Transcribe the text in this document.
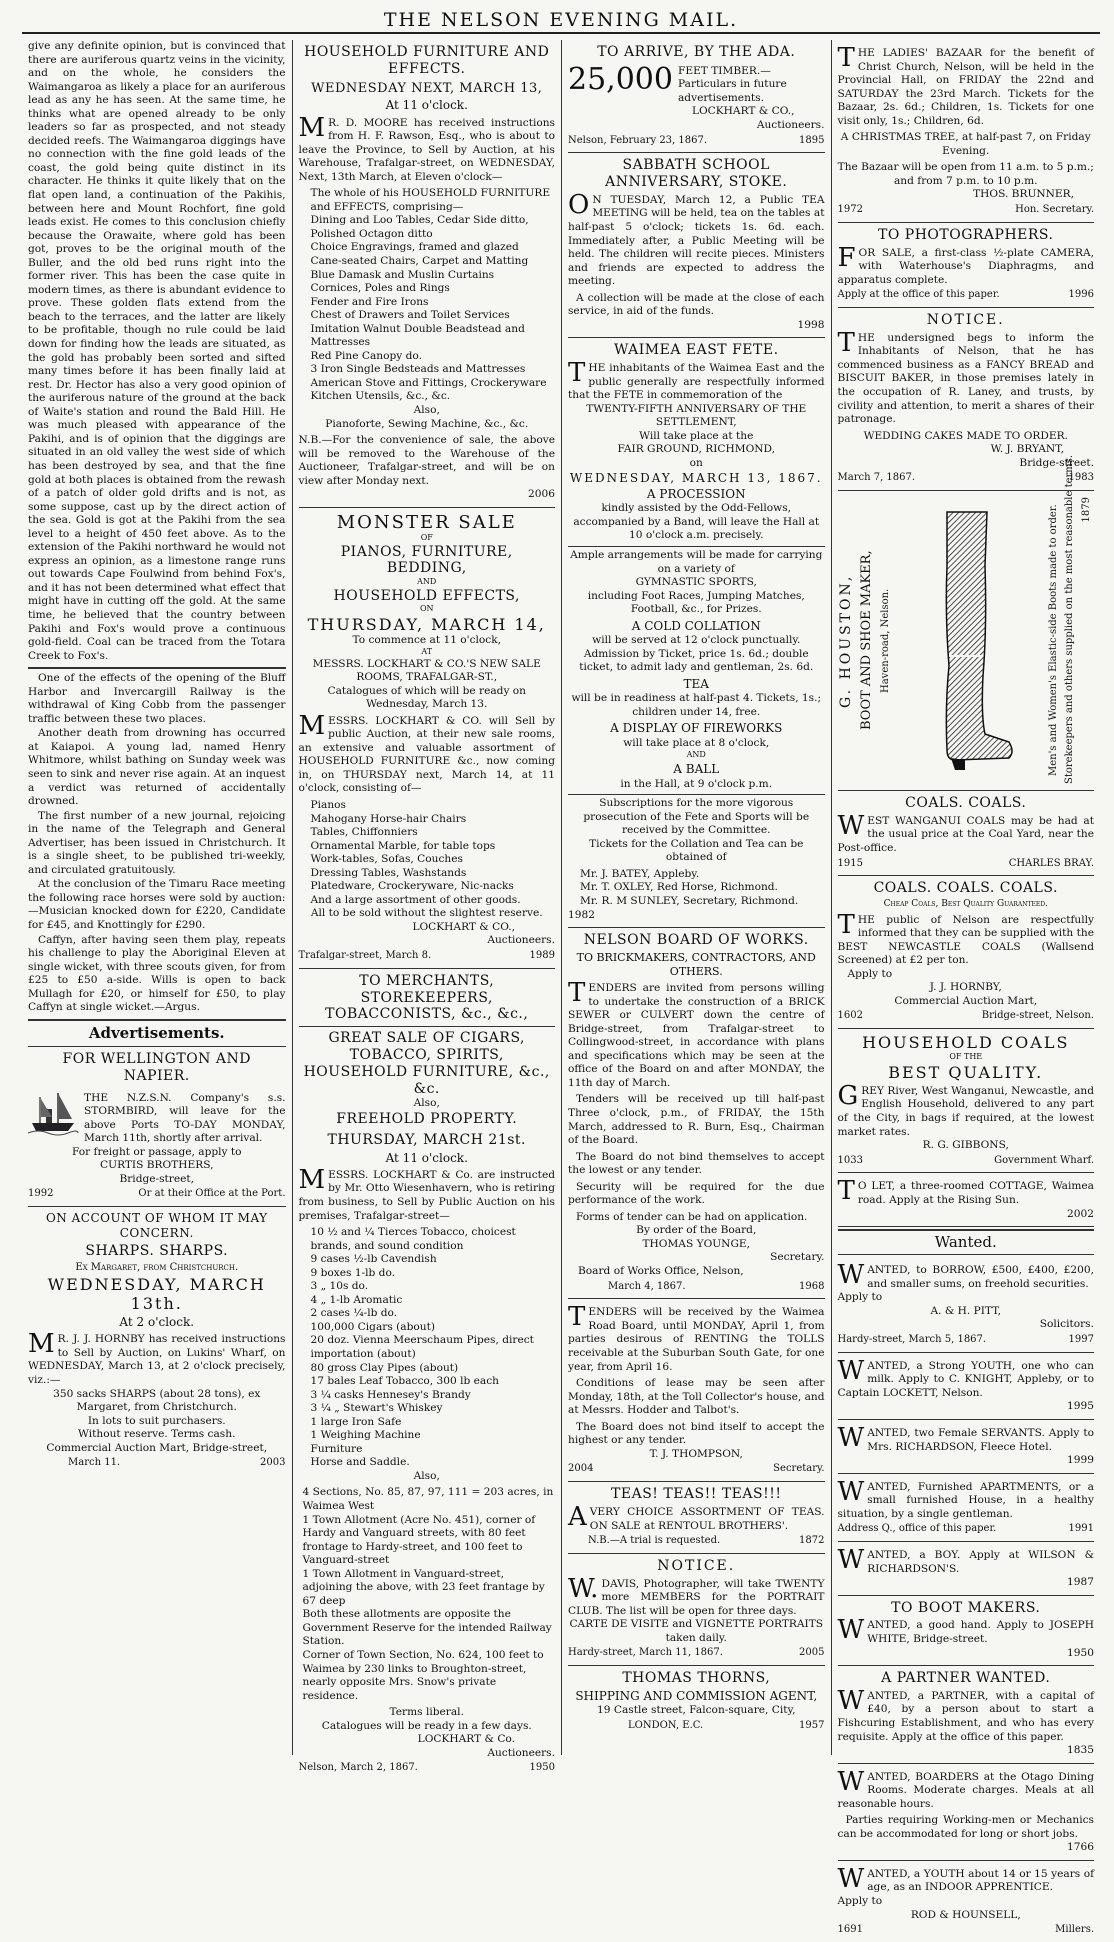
THE NELSON EVENING MAIL.

give any definite opinion, but is convinced that there are auriferous quartz veins in the vicinity, and on the whole, he considers the Waimangaroa as likely a place for an auriferous lead as any he has seen. At the same time, he thinks what are opened already to be only leaders so far as prospected, and not steady decided reefs. The Waimangaroa diggings have no connection with the fine gold leads of the coast, the gold being quite distinct in its character. He thinks it quite likely that on the flat open land, a continuation of the Pakihis, between here and Mount Rochfort, fine gold leads exist. He comes to this conclusion chiefly because the Orawaite, where gold has been got, proves to be the original mouth of the Buller, and the old bed runs right into the former river. This has been the case quite in modern times, as there is abundant evidence to prove. These golden flats extend from the beach to the terraces, and the latter are likely to be profitable, though no rule could be laid down for finding how the leads are situated, as the gold has probably been sorted and sifted many times before it has been finally laid at rest. Dr. Hector has also a very good opinion of the auriferous nature of the ground at the back of Waite's station and round the Bald Hill. He was much pleased with appearance of the Pakihi, and is of opinion that the diggings are situated in an old valley the west side of which has been destroyed by sea, and that the fine gold at both places is obtained from the rewash of a patch of older gold drifts and is not, as some suppose, cast up by the direct action of the sea. Gold is got at the Pakihi from the sea level to a height of 450 feet above. As to the extension of the Pakihi northward he would not express an opinion, as a limestone range runs out towards Cape Foulwind from behind Fox's, and it has not been determined what effect that might have in cutting off the gold. At the same time, he believed that the country between Pakihi and Fox's would prove a continuous gold-field. Coal can be traced from the Totara Creek to Fox's.

One of the effects of the opening of the Bluff Harbor and Invercargill Railway is the withdrawal of King Cobb from the passenger traffic between these two places.

Another death from drowning has occurred at Kaiapoi. A young lad, named Henry Whitmore, whilst bathing on Sunday week was seen to sink and never rise again. At an inquest a verdict was returned of accidentally drowned.

The first number of a new journal, rejoicing in the name of the Telegraph and General Advertiser, has been issued in Christchurch. It is a single sheet, to be published tri-weekly, and circulated gratuitously.

At the conclusion of the Timaru Race meeting the following race horses were sold by auction:—Musician knocked down for £220, Candidate for £45, and Knottingly for £290.

Caffyn, after having seen them play, repeats his challenge to play the Aboriginal Eleven at single wicket, with three scouts given, for from £25 to £50 a-side. Wills is open to back Mullagh for £20, or himself for £50, to play Caffyn at single wicket.—Argus.

Advertisements.
FOR WELLINGTON AND NAPIER.
THE N.Z.S.N. Company's s.s. STORMBIRD, will leave for the above Ports TO-DAY MONDAY, March 11th, shortly after arrival.
For freight or passage, apply to
CURTIS BROTHERS,
Bridge-street,
1992	Or at their Office at the Port.
ON ACCOUNT OF WHOM IT MAY CONCERN.
SHARPS. SHARPS.
Ex Margaret, from Christchurch.
WEDNESDAY, MARCH 13th.
At 2 o'clock.
MR. J. J. HORNBY has received instructions to Sell by Auction, on Lukins' Wharf, on WEDNESDAY, March 13, at 2 o'clock precisely, viz.:—
350 sacks SHARPS (about 28 tons), ex Margaret, from Christchurch.
In lots to suit purchasers.
Without reserve. Terms cash.
Commercial Auction Mart, Bridge-street,
March 11.	2003
HOUSEHOLD FURNITURE AND EFFECTS.
WEDNESDAY NEXT, MARCH 13,
At 11 o'clock.
MR. D. MOORE has received instructions from H. F. Rawson, Esq., who is about to leave the Province, to Sell by Auction, at his Warehouse, Trafalgar-street, on WEDNESDAY, Next, 13th March, at Eleven o'clock—
The whole of his HOUSEHOLD FURNITURE and EFFECTS, comprising—
Dining and Loo Tables, Cedar Side ditto, Polished Octagon ditto
Choice Engravings, framed and glazed
Cane-seated Chairs, Carpet and Matting
Blue Damask and Muslin Curtains
Cornices, Poles and Rings
Fender and Fire Irons
Chest of Drawers and Toilet Services
Imitation Walnut Double Beadstead and Mattresses
Red Pine Canopy do.
3 Iron Single Bedsteads and Mattresses
American Stove and Fittings, Crockeryware
Kitchen Utensils, &c., &c.
Also,
Pianoforte, Sewing Machine, &c., &c.
N.B.—For the convenience of sale, the above will be removed to the Warehouse of the Auctioneer, Trafalgar-street, and will be on view after Monday next.
2006
MONSTER SALE
OF
PIANOS, FURNITURE, BEDDING,
AND
HOUSEHOLD EFFECTS,
ON
THURSDAY, MARCH 14,
To commence at 11 o'clock,
AT
MESSRS. LOCKHART & CO.'S NEW SALE ROOMS, TRAFALGAR-ST.,
Catalogues of which will be ready on Wednesday, March 13.
MESSRS. LOCKHART & CO. will Sell by public Auction, at their new sale rooms, an extensive and valuable assortment of HOUSEHOLD FURNITURE &c., now coming in, on THURSDAY next, March 14, at 11 o'clock, consisting of—
Pianos
Mahogany Horse-hair Chairs
Tables, Chiffonniers
Ornamental Marble, for table tops
Work-tables, Sofas, Couches
Dressing Tables, Washstands
Platedware, Crockeryware, Nic-nacks
And a large assortment of other goods.
All to be sold without the slightest reserve.
LOCKHART & CO.,
Auctioneers.
Trafalgar-street, March 8.	1989
TO MERCHANTS, STOREKEEPERS, TOBACCONISTS, &c., &c.,
GREAT SALE OF CIGARS, TOBACCO, SPIRITS, HOUSEHOLD FURNITURE, &c., &c.
Also,
FREEHOLD PROPERTY.
THURSDAY, MARCH 21st.
At 11 o'clock.
MESSRS. LOCKHART & Co. are instructed by Mr. Otto Wiesenhavern, who is retiring from business, to Sell by Public Auction on his premises, Trafalgar-street—
10 ½ and ¼ Tierces Tobacco, choicest brands, and sound condition
9 cases ½-lb Cavendish
9 boxes 1-lb do.
3 „ 10s do.
4 „ 1-lb Aromatic
2 cases ¼-lb do.
100,000 Cigars (about)
20 doz. Vienna Meerschaum Pipes, direct importation (about)
80 gross Clay Pipes (about)
17 bales Leaf Tobacco, 300 lb each
3 ¼ casks Hennesey's Brandy
3 ¼ „ Stewart's Whiskey
1 large Iron Safe
1 Weighing Machine
Furniture
Horse and Saddle.
Also,
4 Sections, No. 85, 87, 97, 111 = 203 acres, in Waimea West
1 Town Allotment (Acre No. 451), corner of Hardy and Vanguard streets, with 80 feet frontage to Hardy-street, and 100 feet to Vanguard-street
1 Town Allotment in Vanguard-street, adjoining the above, with 23 feet frantage by 67 deep
Both these allotments are opposite the Government Reserve for the intended Railway Station.
Corner of Town Section, No. 624, 100 feet to Waimea by 230 links to Broughton-street, nearly opposite Mrs. Snow's private residence.
Terms liberal.
Catalogues will be ready in a few days.
LOCKHART & Co.
Auctioneers.
Nelson, March 2, 1867.	1950
TO ARRIVE, BY THE ADA.
25,000 FEET TIMBER.—Particulars in future advertisements.
LOCKHART & CO.,
Auctioneers.
Nelson, February 23, 1867.	1895
SABBATH SCHOOL ANNIVERSARY, STOKE.
ON TUESDAY, March 12, a Public TEA MEETING will be held, tea on the tables at half-past 5 o'clock; tickets 1s. 6d. each. Immediately after, a Public Meeting will be held. The children will recite pieces. Ministers and friends are expected to address the meeting.
A collection will be made at the close of each service, in aid of the funds.
1998
WAIMEA EAST FETE.
THE inhabitants of the Waimea East and the public generally are respectfully informed that the FETE in commemoration of the
TWENTY-FIFTH ANNIVERSARY OF THE SETTLEMENT,
Will take place at the
FAIR GROUND, RICHMOND,
on
WEDNESDAY, MARCH 13, 1867.
A PROCESSION
kindly assisted by the Odd-Fellows, accompanied by a Band, will leave the Hall at 10 o'clock a.m. precisely.
Ample arrangements will be made for carrying on a variety of
GYMNASTIC SPORTS,
including Foot Races, Jumping Matches, Football, &c., for Prizes.
A COLD COLLATION
will be served at 12 o'clock punctually. Admission by Ticket, price 1s. 6d.; double ticket, to admit lady and gentleman, 2s. 6d.
TEA
will be in readiness at half-past 4. Tickets, 1s.; children under 14, free.
A DISPLAY OF FIREWORKS
will take place at 8 o'clock,
AND
A BALL
in the Hall, at 9 o'clock p.m.
Subscriptions for the more vigorous prosecution of the Fete and Sports will be received by the Committee.
Tickets for the Collation and Tea can be obtained of
Mr. J. BATEY, Appleby.
Mr. T. OXLEY, Red Horse, Richmond.
Mr. R. M SUNLEY, Secretary, Richmond.
1982
NELSON BOARD OF WORKS.
TO BRICKMAKERS, CONTRACTORS, AND OTHERS.
TENDERS are invited from persons willing to undertake the construction of a BRICK SEWER or CULVERT down the centre of Bridge-street, from Trafalgar-street to Collingwood-street, in accordance with plans and specifications which may be seen at the office of the Board on and after MONDAY, the 11th day of March.
Tenders will be received up till half-past Three o'clock, p.m., of FRIDAY, the 15th March, addressed to R. Burn, Esq., Chairman of the Board.
The Board do not bind themselves to accept the lowest or any tender.
Security will be required for the due performance of the work.
Forms of tender can be had on application.
By order of the Board,
THOMAS YOUNGE,
Secretary.
Board of Works Office, Nelson,
March 4, 1867.	1968
TENDERS will be received by the Waimea Road Board, until MONDAY, April 1, from parties desirous of RENTING the TOLLS receivable at the Suburban South Gate, for one year, from April 16.
Conditions of lease may be seen after Monday, 18th, at the Toll Collector's house, and at Messrs. Hodder and Talbot's.
The Board does not bind itself to accept the highest or any tender.
T. J. THOMPSON,
2004	Secretary.
TEAS! TEAS!! TEAS!!!
AVERY CHOICE ASSORTMENT OF TEAS. ON SALE at RENTOUL BROTHERS'.
N.B.—A trial is requested.	1872
NOTICE.
W.DAVIS, Photographer, will take TWENTY more MEMBERS for the PORTRAIT CLUB. The list will be open for three days.
CARTE DE VISITE and VIGNETTE PORTRAITS taken daily.
Hardy-street, March 11, 1867.	2005
THOMAS THORNS,
SHIPPING AND COMMISSION AGENT,
19 Castle street, Falcon-square, City,
LONDON, E.C.	1957
THE LADIES' BAZAAR for the benefit of Christ Church, Nelson, will be held in the Provincial Hall, on FRIDAY the 22nd and SATURDAY the 23rd March. Tickets for the Bazaar, 2s. 6d.; Children, 1s. Tickets for one visit only, 1s.; Children, 6d.
A CHRISTMAS TREE, at half-past 7, on Friday Evening.
The Bazaar will be open from 11 a.m. to 5 p.m.; and from 7 p.m. to 10 p.m.
THOS. BRUNNER,
1972	Hon. Secretary.
TO PHOTOGRAPHERS.
FOR SALE, a first-class ½-plate CAMERA, with Waterhouse's Diaphragms, and apparatus complete.
Apply at the office of this paper.	1996
NOTICE.
THE undersigned begs to inform the Inhabitants of Nelson, that he has commenced business as a FANCY BREAD and BISCUIT BAKER, in those premises lately in the occupation of R. Laney, and trusts, by civility and attention, to merit a shares of their patronage.
WEDDING CAKES MADE TO ORDER.
W. J. BRYANT,
Bridge-street.
March 7, 1867.	1983
G. HOUSTON, BOOT AND SHOE MAKER, Haven-road, Nelson.	Men's and Women's Elastic-side Boots made to order. Storekeepers and others supplied on the most reasonable terms. 1879
COALS. COALS.
WEST WANGANUI COALS may be had at the usual price at the Coal Yard, near the Post-office.
1915	CHARLES BRAY.
COALS. COALS. COALS.
Cheap Coals, Best Quality Guaranteed.
THE public of Nelson are respectfully informed that they can be supplied with the BEST NEWCASTLE COALS (Wallsend Screened) at £2 per ton.
Apply to
J. J. HORNBY,
Commercial Auction Mart,
1602	Bridge-street, Nelson.
HOUSEHOLD COALS
OF THE
BEST QUALITY.
GREY River, West Wanganui, Newcastle, and English Household, delivered to any part of the City, in bags if required, at the lowest market rates.
R. G. GIBBONS,
1033	Government Wharf.
TO LET, a three-roomed COTTAGE, Waimea road. Apply at the Rising Sun.
2002
Wanted.
WANTED, to BORROW, £500, £400, £200, and smaller sums, on freehold securities.
Apply to
A. & H. PITT,
Solicitors.
Hardy-street, March 5, 1867.	1997
WANTED, a Strong YOUTH, one who can milk. Apply to C. KNIGHT, Appleby, or to Captain LOCKETT, Nelson.
1995
WANTED, two Female SERVANTS. Apply to Mrs. RICHARDSON, Fleece Hotel.
1999
WANTED, Furnished APARTMENTS, or a small furnished House, in a healthy situation, by a single gentleman.
Address Q., office of this paper.	1991
WANTED, a BOY. Apply at WILSON & RICHARDSON'S.
1987
TO BOOT MAKERS.
WANTED, a good hand. Apply to JOSEPH WHITE, Bridge-street.
1950
A PARTNER WANTED.
WANTED, a PARTNER, with a capital of £40, by a person about to start a Fishcuring Establishment, and who has every requisite. Apply at the office of this paper.
1835
WANTED, BOARDERS at the Otago Dining Rooms. Moderate charges. Meals at all reasonable hours.
Parties requiring Working-men or Mechanics can be accommodated for long or short jobs.
1766
WANTED, a YOUTH about 14 or 15 years of age, as an INDOOR APPRENTICE.
Apply to
ROD & HOUNSELL,
1691	Millers.
